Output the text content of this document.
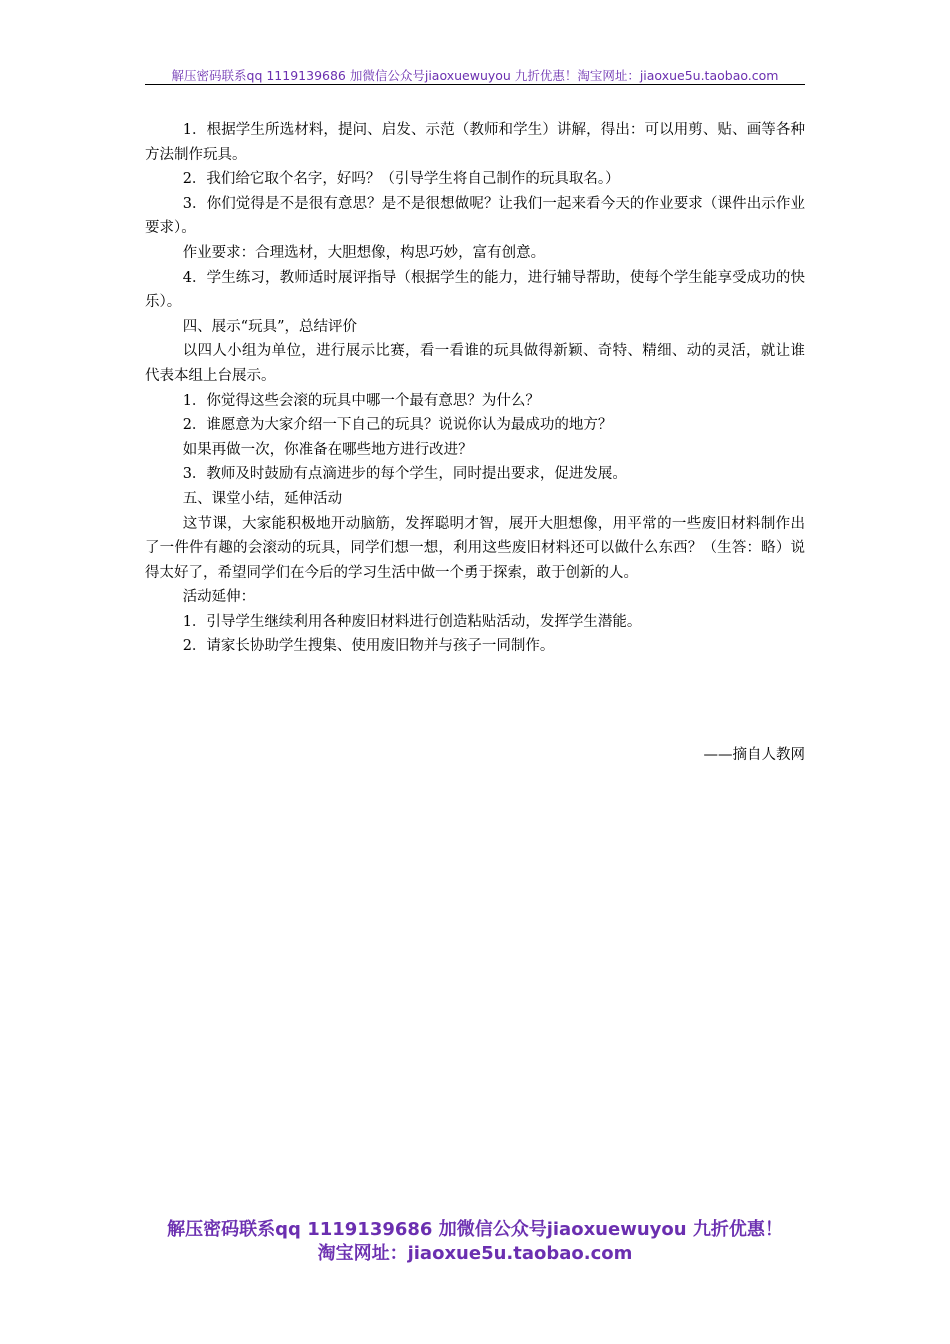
解压密码联系qq 1119139686 加微信公众号jiaoxuewuyou 九折优惠！淘宝网址：jiaoxue5u.taobao.com

1．根据学生所选材料，提问、启发、示范（教师和学生）讲解，得出：可以用剪、贴、画等各种方法制作玩具。

2．我们给它取个名字，好吗？（引导学生将自己制作的玩具取名。）

3．你们觉得是不是很有意思？是不是很想做呢？让我们一起来看今天的作业要求（课件出示作业要求）。

作业要求：合理选材，大胆想像，构思巧妙，富有创意。

4．学生练习，教师适时展评指导（根据学生的能力，进行辅导帮助，使每个学生能享受成功的快乐）。

四、展示“玩具”，总结评价

以四人小组为单位，进行展示比赛，看一看谁的玩具做得新颖、奇特、精细、动的灵活，就让谁代表本组上台展示。

1．你觉得这些会滚的玩具中哪一个最有意思？为什么？

2．谁愿意为大家介绍一下自己的玩具？说说你认为最成功的地方？

如果再做一次，你准备在哪些地方进行改进？

3．教师及时鼓励有点滴进步的每个学生，同时提出要求，促进发展。

五、课堂小结，延伸活动

这节课，大家能积极地开动脑筋，发挥聪明才智，展开大胆想像，用平常的一些废旧材料制作出了一件件有趣的会滚动的玩具，同学们想一想，利用这些废旧材料还可以做什么东西？（生答：略）说得太好了，希望同学们在今后的学习生活中做一个勇于探索，敢于创新的人。

活动延伸：

1．引导学生继续利用各种废旧材料进行创造粘贴活动，发挥学生潜能。

2．请家长协助学生搜集、使用废旧物并与孩子一同制作。

——摘自人教网
解压密码联系qq 1119139686 加微信公众号jiaoxuewuyou 九折优惠！
淘宝网址：jiaoxue5u.taobao.com
